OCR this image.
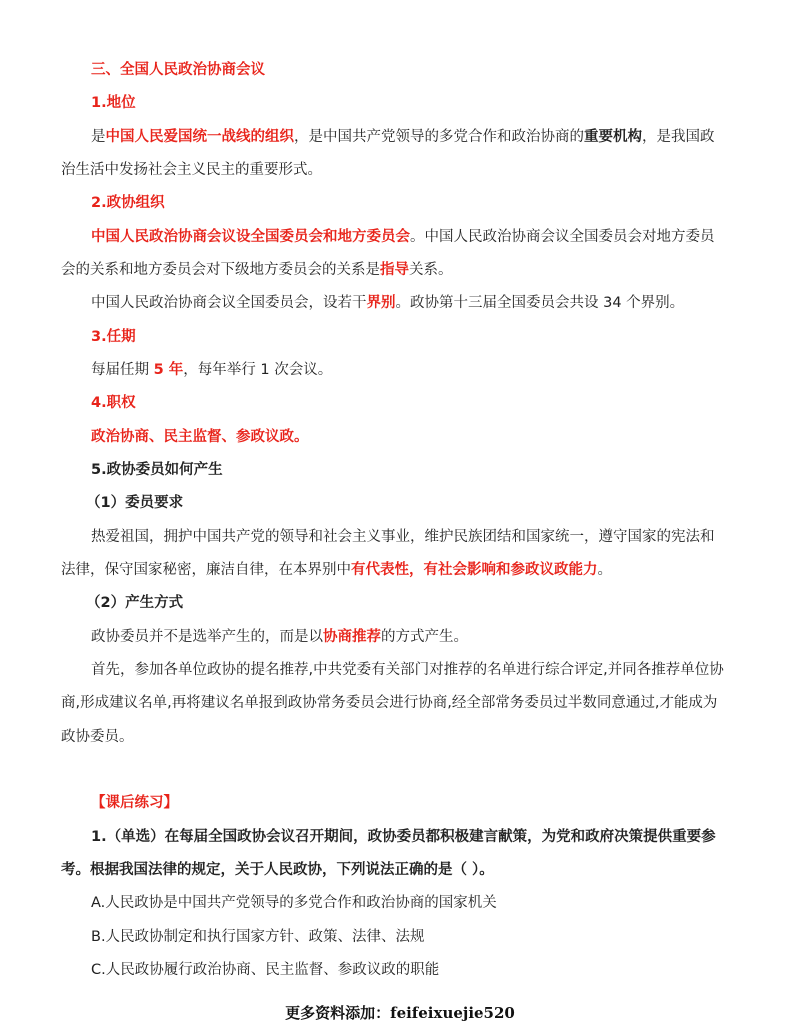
三、全国人民政治协商会议
1.地位
是中国人民爱国统一战线的组织，是中国共产党领导的多党合作和政治协商的重要机构，是我国政
治生活中发扬社会主义民主的重要形式。
2.政协组织
中国人民政治协商会议设全国委员会和地方委员会。中国人民政治协商会议全国委员会对地方委员
会的关系和地方委员会对下级地方委员会的关系是指导关系。
中国人民政治协商会议全国委员会，设若干界别。政协第十三届全国委员会共设 34 个界别。
3.任期
每届任期 5 年，每年举行 1 次会议。
4.职权
政治协商、民主监督、参政议政。
5.政协委员如何产生
（1）委员要求
热爱祖国，拥护中国共产党的领导和社会主义事业，维护民族团结和国家统一，遵守国家的宪法和
法律，保守国家秘密，廉洁自律，在本界别中有代表性，有社会影响和参政议政能力。
（2）产生方式
政协委员并不是选举产生的，而是以协商推荐的方式产生。
首先，参加各单位政协的提名推荐,中共党委有关部门对推荐的名单进行综合评定,并同各推荐单位协
商,形成建议名单,再将建议名单报到政协常务委员会进行协商,经全部常务委员过半数同意通过,才能成为
政协委员。
【课后练习】
1.（单选）在每届全国政协会议召开期间，政协委员都积极建言献策，为党和政府决策提供重要参
考。根据我国法律的规定，关于人民政协，下列说法正确的是（ ）。
A.人民政协是中国共产党领导的多党合作和政治协商的国家机关
B.人民政协制定和执行国家方针、政策、法律、法规
C.人民政协履行政治协商、民主监督、参政议政的职能
更多资料添加：feifeixuejie520
